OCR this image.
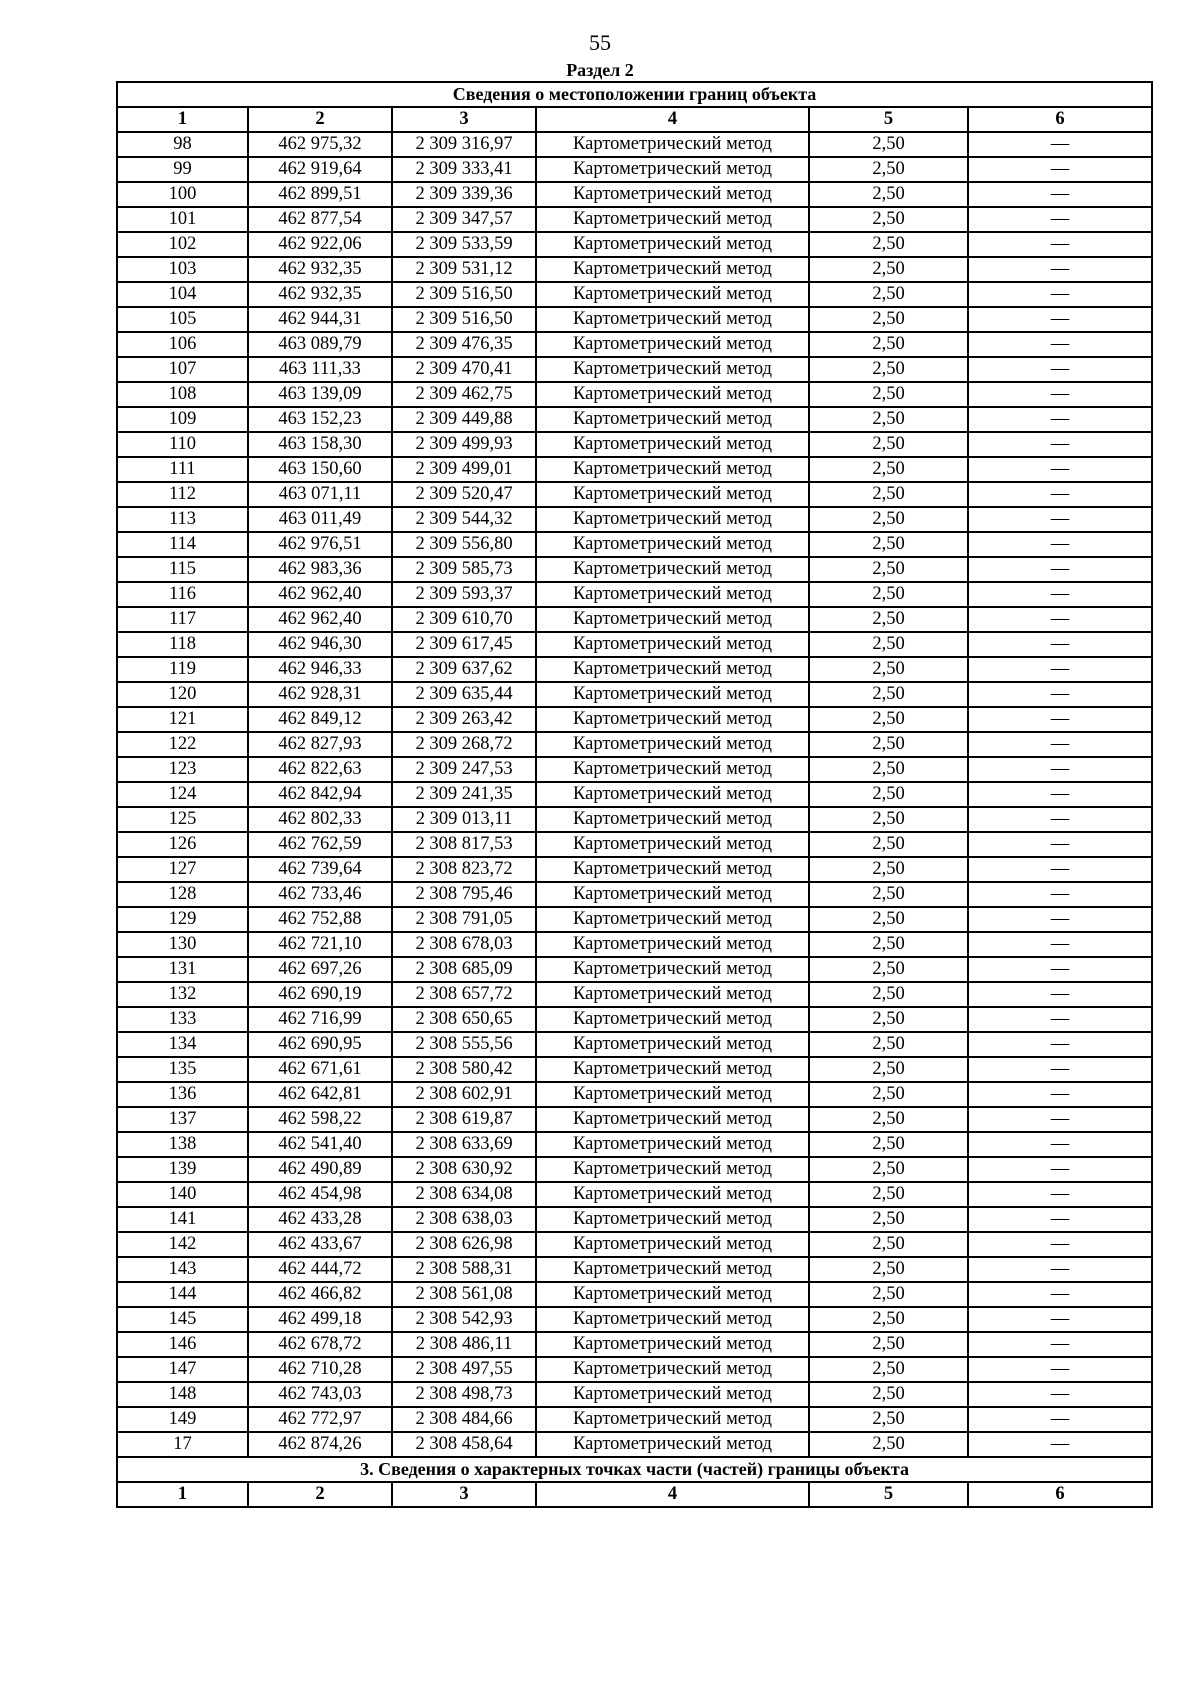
55
Раздел 2
Сведения о местоположении границ объекта					
1	2	3	4	5	6
98	462 975,32	2 309 316,97	Картометрический метод	2,50	—
99	462 919,64	2 309 333,41	Картометрический метод	2,50	—
100	462 899,51	2 309 339,36	Картометрический метод	2,50	—
101	462 877,54	2 309 347,57	Картометрический метод	2,50	—
102	462 922,06	2 309 533,59	Картометрический метод	2,50	—
103	462 932,35	2 309 531,12	Картометрический метод	2,50	—
104	462 932,35	2 309 516,50	Картометрический метод	2,50	—
105	462 944,31	2 309 516,50	Картометрический метод	2,50	—
106	463 089,79	2 309 476,35	Картометрический метод	2,50	—
107	463 111,33	2 309 470,41	Картометрический метод	2,50	—
108	463 139,09	2 309 462,75	Картометрический метод	2,50	—
109	463 152,23	2 309 449,88	Картометрический метод	2,50	—
110	463 158,30	2 309 499,93	Картометрический метод	2,50	—
111	463 150,60	2 309 499,01	Картометрический метод	2,50	—
112	463 071,11	2 309 520,47	Картометрический метод	2,50	—
113	463 011,49	2 309 544,32	Картометрический метод	2,50	—
114	462 976,51	2 309 556,80	Картометрический метод	2,50	—
115	462 983,36	2 309 585,73	Картометрический метод	2,50	—
116	462 962,40	2 309 593,37	Картометрический метод	2,50	—
117	462 962,40	2 309 610,70	Картометрический метод	2,50	—
118	462 946,30	2 309 617,45	Картометрический метод	2,50	—
119	462 946,33	2 309 637,62	Картометрический метод	2,50	—
120	462 928,31	2 309 635,44	Картометрический метод	2,50	—
121	462 849,12	2 309 263,42	Картометрический метод	2,50	—
122	462 827,93	2 309 268,72	Картометрический метод	2,50	—
123	462 822,63	2 309 247,53	Картометрический метод	2,50	—
124	462 842,94	2 309 241,35	Картометрический метод	2,50	—
125	462 802,33	2 309 013,11	Картометрический метод	2,50	—
126	462 762,59	2 308 817,53	Картометрический метод	2,50	—
127	462 739,64	2 308 823,72	Картометрический метод	2,50	—
128	462 733,46	2 308 795,46	Картометрический метод	2,50	—
129	462 752,88	2 308 791,05	Картометрический метод	2,50	—
130	462 721,10	2 308 678,03	Картометрический метод	2,50	—
131	462 697,26	2 308 685,09	Картометрический метод	2,50	—
132	462 690,19	2 308 657,72	Картометрический метод	2,50	—
133	462 716,99	2 308 650,65	Картометрический метод	2,50	—
134	462 690,95	2 308 555,56	Картометрический метод	2,50	—
135	462 671,61	2 308 580,42	Картометрический метод	2,50	—
136	462 642,81	2 308 602,91	Картометрический метод	2,50	—
137	462 598,22	2 308 619,87	Картометрический метод	2,50	—
138	462 541,40	2 308 633,69	Картометрический метод	2,50	—
139	462 490,89	2 308 630,92	Картометрический метод	2,50	—
140	462 454,98	2 308 634,08	Картометрический метод	2,50	—
141	462 433,28	2 308 638,03	Картометрический метод	2,50	—
142	462 433,67	2 308 626,98	Картометрический метод	2,50	—
143	462 444,72	2 308 588,31	Картометрический метод	2,50	—
144	462 466,82	2 308 561,08	Картометрический метод	2,50	—
145	462 499,18	2 308 542,93	Картометрический метод	2,50	—
146	462 678,72	2 308 486,11	Картометрический метод	2,50	—
147	462 710,28	2 308 497,55	Картометрический метод	2,50	—
148	462 743,03	2 308 498,73	Картометрический метод	2,50	—
149	462 772,97	2 308 484,66	Картометрический метод	2,50	—
17	462 874,26	2 308 458,64	Картометрический метод	2,50	—
3. Сведения о характерных точках части (частей) границы объекта					
1	2	3	4	5	6
